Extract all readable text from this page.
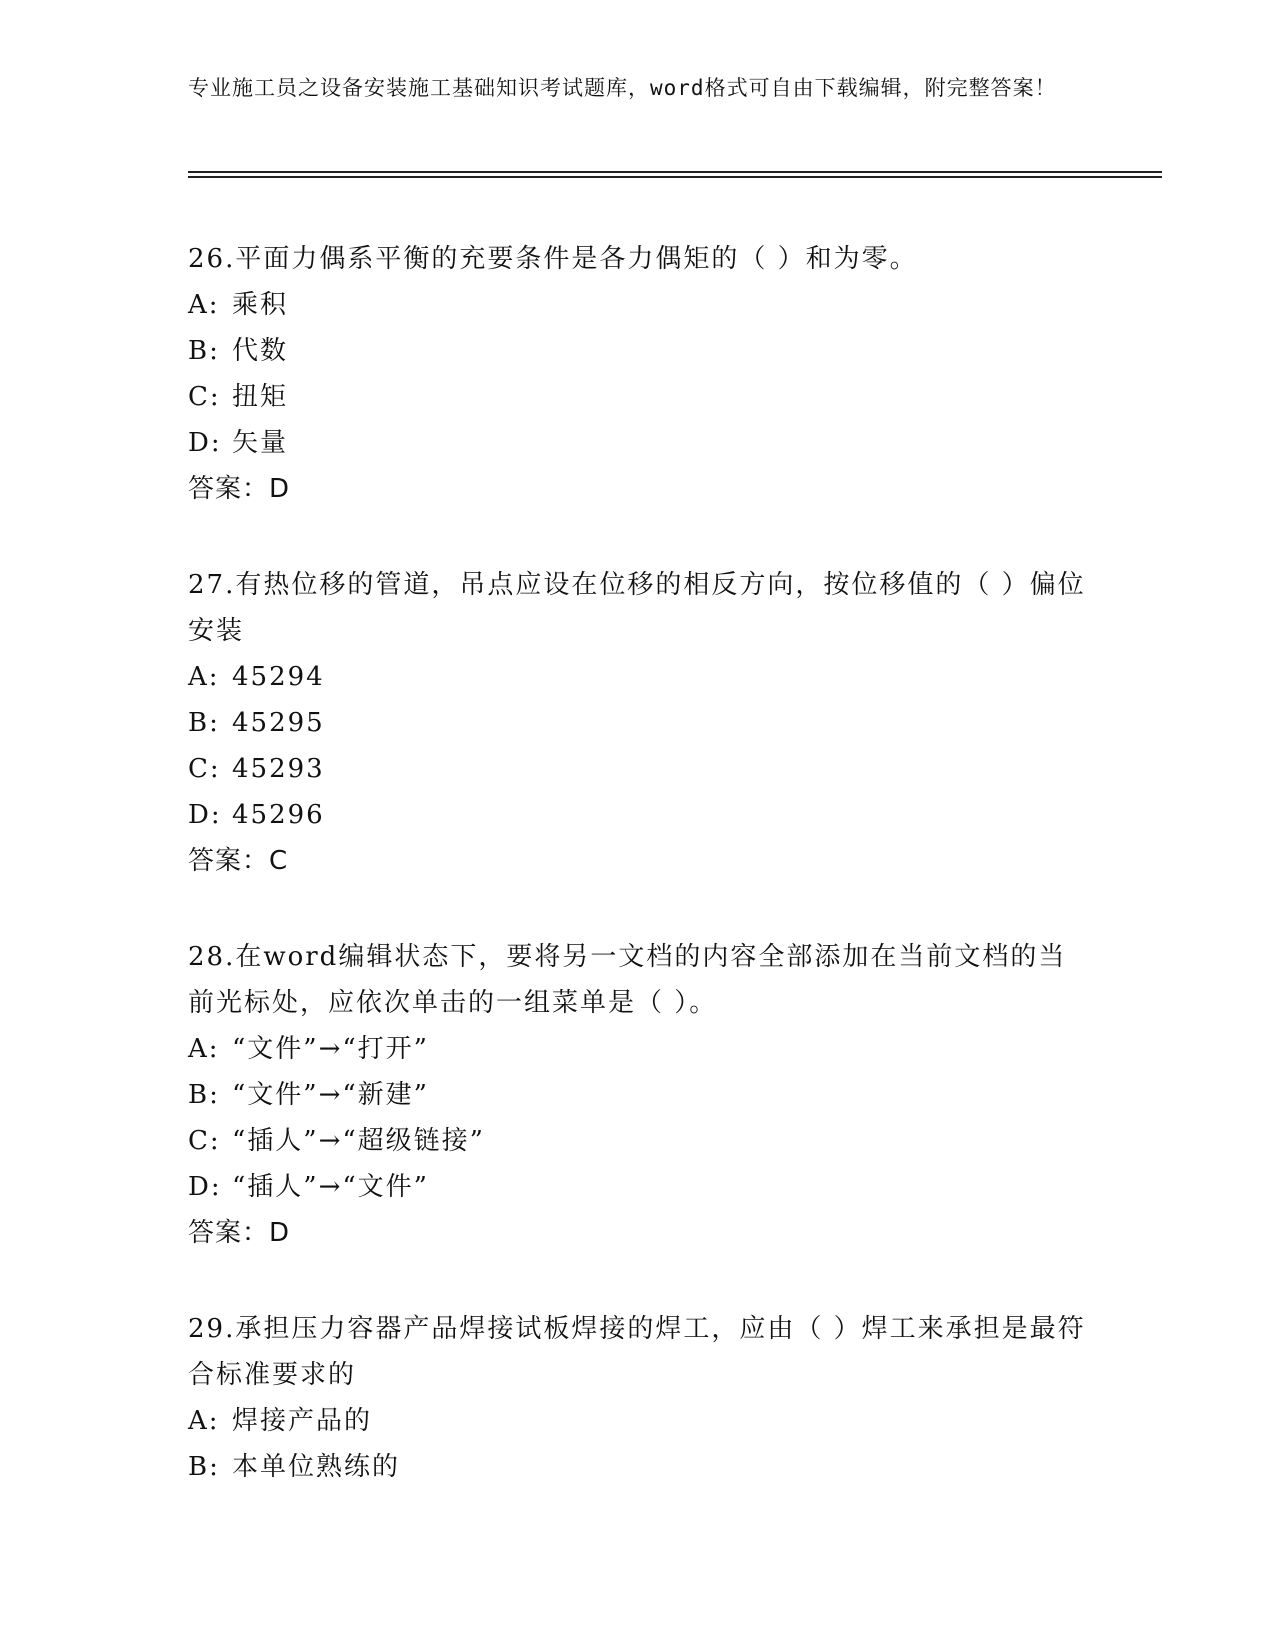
专业施工员之设备安装施工基础知识考试题库，word格式可自由下载编辑，附完整答案！
26.平面力偶系平衡的充要条件是各力偶矩的（ ）和为零。
A: 乘积
B: 代数
C: 扭矩
D: 矢量
答案：D
27.有热位移的管道，吊点应设在位移的相反方向，按位移值的（ ）偏位安装
A: 45294
B: 45295
C: 45293
D: 45296
答案：C
28.在word编辑状态下，要将另一文档的内容全部添加在当前文档的当前光标处，应依次单击的一组菜单是（ ）。
A: “文件”→“打开”
B: “文件”→“新建”
C: “插人”→“超级链接”
D: “插人”→“文件”
答案：D
29.承担压力容器产品焊接试板焊接的焊工，应由（ ）焊工来承担是最符合标准要求的
A: 焊接产品的
B: 本单位熟练的
